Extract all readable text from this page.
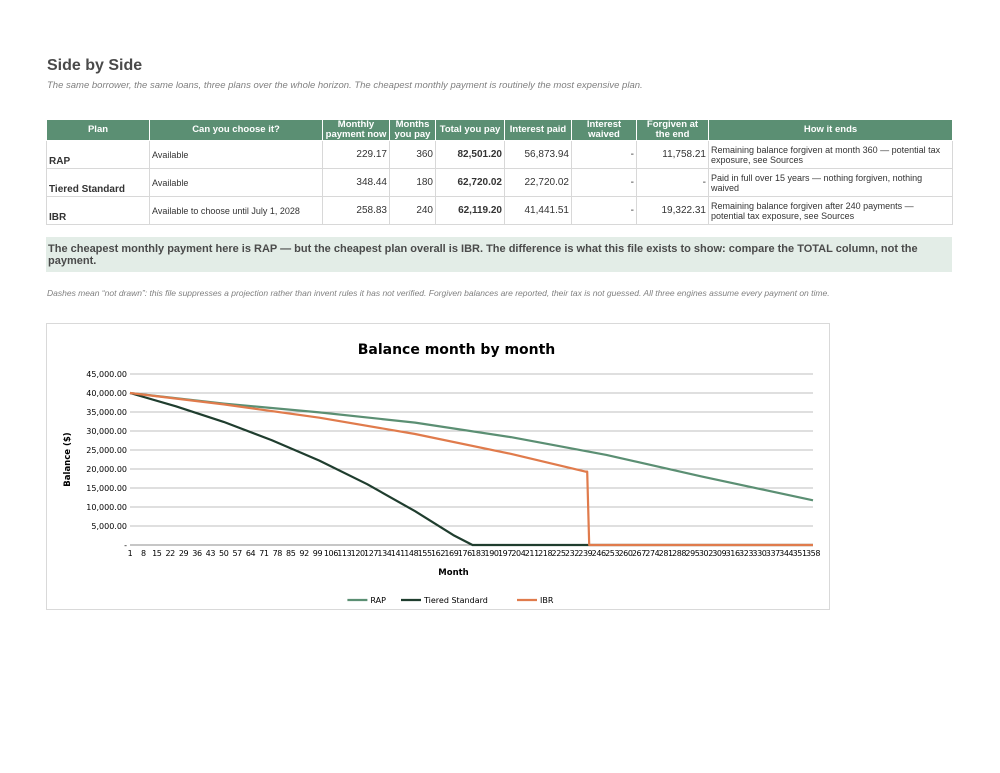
Side by Side
The same borrower, the same loans, three plans over the whole horizon. The cheapest monthly payment is routinely the most expensive plan.
Plan	Can you choose it?	Monthly payment now	Months you pay	Total you pay	Interest paid	Interest waived	Forgiven at the end	How it ends
RAP	Available	229.17	360	82,501.20	56,873.94	-	11,758.21	Remaining balance forgiven at month 360 — potential tax exposure, see Sources
Tiered Standard	Available	348.44	180	62,720.02	22,720.02	-	-	Paid in full over 15 years — nothing forgiven, nothing waived
IBR	Available to choose until July 1, 2028	258.83	240	62,119.20	41,441.51	-	19,322.31	Remaining balance forgiven after 240 payments — potential tax exposure, see Sources
The cheapest monthly payment here is RAP — but the cheapest plan overall is IBR. The difference is what this file exists to show: compare the TOTAL column, not the payment.
Dashes mean “not drawn”: this file suppresses a projection rather than invent rules it has not verified. Forgiven balances are reported, their tax is not guessed. All three engines assume every payment on time.
Balance month by month
-
5,000.00
10,000.00
15,000.00
20,000.00
25,000.00
30,000.00
35,000.00
40,000.00
45,000.00
1 8 15 22 29 36 43 50 57 64 71 78 85 92 99 106 113 120 127 134 141 148 155 162 169 176 183 190 197 204 211 218 225 232 239 246 253 260 267 274 281 288 295 302 309 316 323 330 337 344 351 358
Month
Balance ($)
RAP	Tiered Standard	IBR
